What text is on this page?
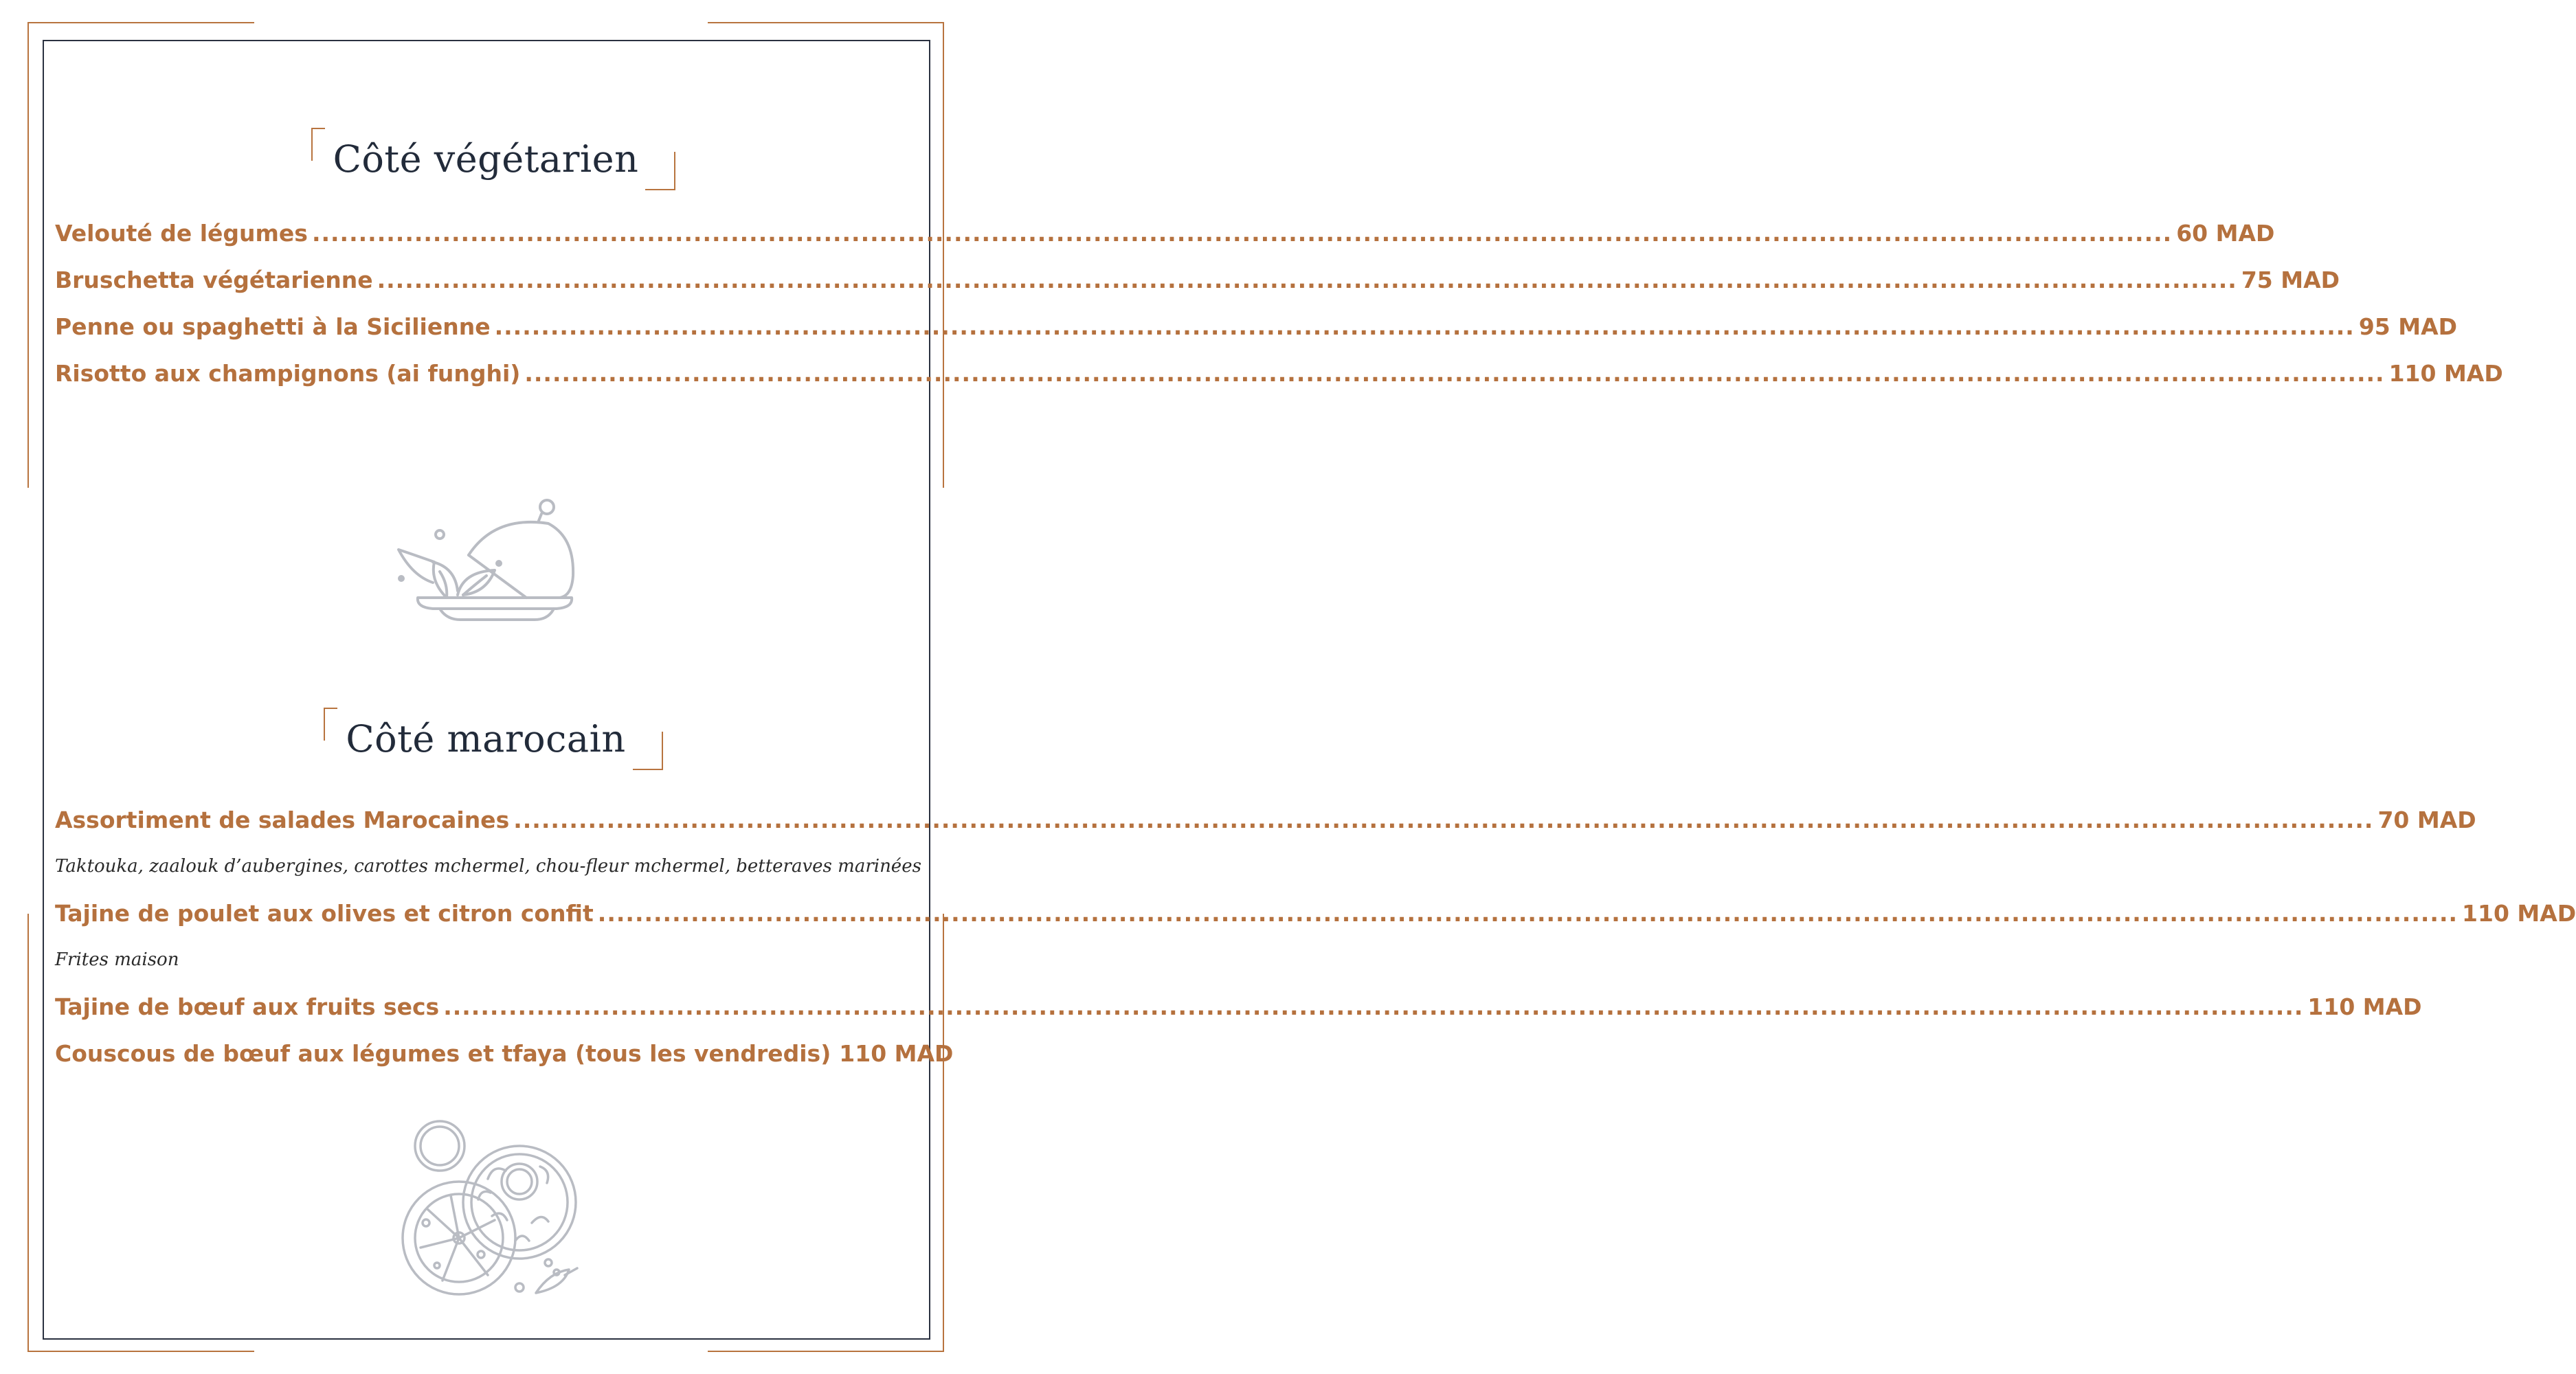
Côté végétarien
Velouté de légumes .....	60 MAD
Bruschetta végétarienne .....	75 MAD
Penne ou spaghetti à la Sicilienne .....	95 MAD
Risotto aux champignons (ai funghi) .....	110 MAD
Côté marocain
Assortiment de salades Marocaines .....	70 MAD
Taktouka, zaalouk d’aubergines, carottes mchermel, chou-fleur mchermel, betteraves marinées
Tajine de poulet aux olives et citron confit .....	110 MAD
Frites maison
Tajine de bœuf aux fruits secs .....	110 MAD
Couscous de bœuf aux légumes et tfaya (tous les vendredis) 110 MAD
